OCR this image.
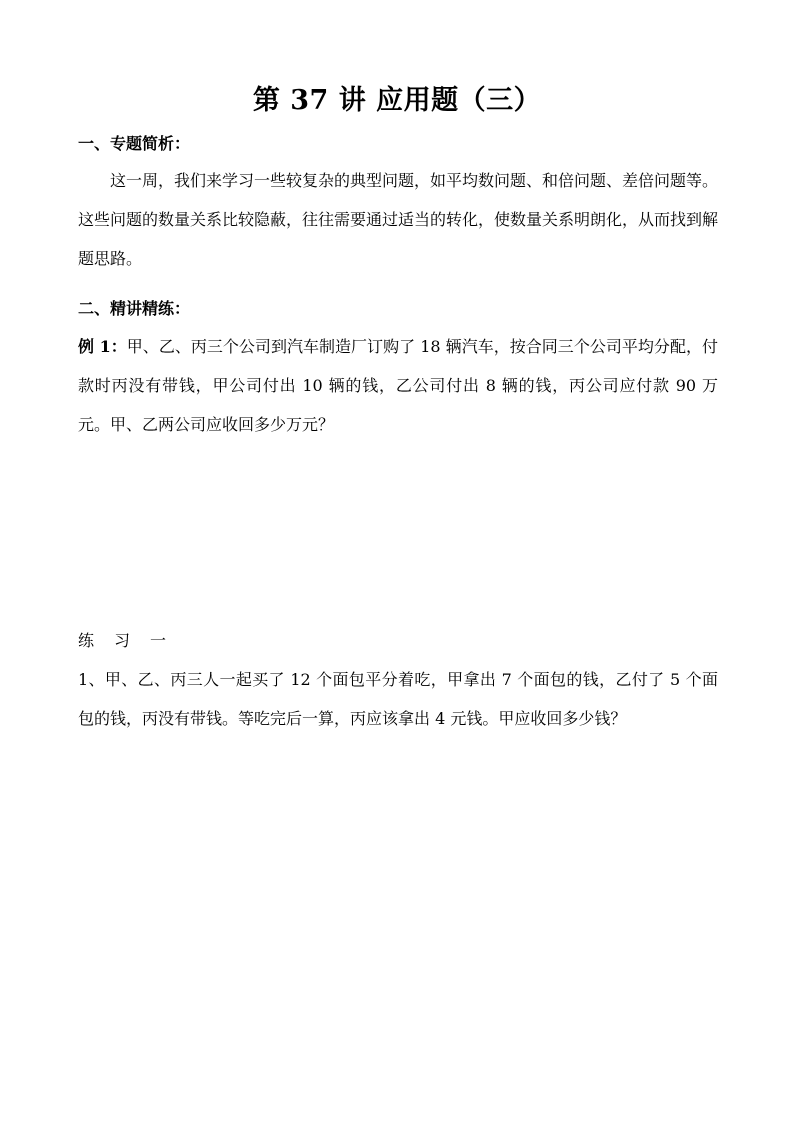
第 37 讲 应用题（三）
一、专题简析：

这一周，我们来学习一些较复杂的典型问题，如平均数问题、和倍问题、差倍问题等。这些问题的数量关系比较隐蔽，往往需要通过适当的转化，使数量关系明朗化，从而找到解题思路。

二、精讲精练：

例 1：甲、乙、丙三个公司到汽车制造厂订购了 18 辆汽车，按合同三个公司平均分配，付款时丙没有带钱，甲公司付出 10 辆的钱，乙公司付出 8 辆的钱，丙公司应付款 90 万元。甲、乙两公司应收回多少万元？

练习一

1、甲、乙、丙三人一起买了 12 个面包平分着吃，甲拿出 7 个面包的钱，乙付了 5 个面包的钱，丙没有带钱。等吃完后一算，丙应该拿出 4 元钱。甲应收回多少钱？
